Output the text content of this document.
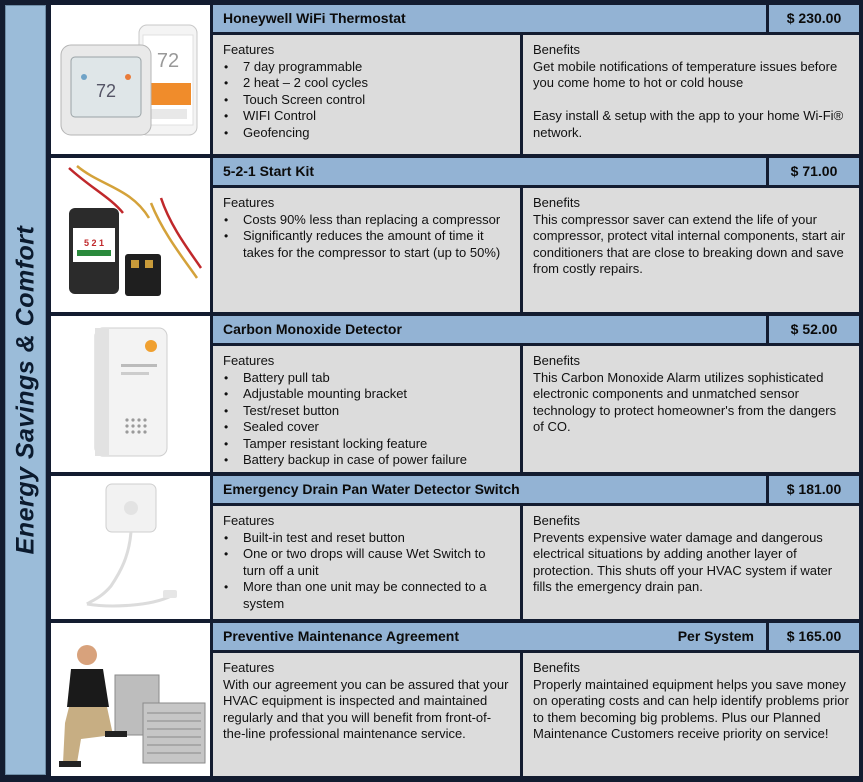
Energy Savings & Comfort
72
72
Honeywell WiFi Thermostat	$ 230.00
Features
• 7 day programmable
• 2 heat – 2 cool cycles
• Touch Screen control
• WIFI Control
• Geofencing
Benefits

Get mobile notifications of temperature issues before you come home to hot or cold house

Easy install & setup with the app to your home Wi-Fi® network.

5 2 1
5-2-1 Start Kit	$ 71.00
Features
• Costs 90% less than replacing a compressor
• Significantly reduces the amount of time it takes for the compressor to start (up to 50%)
Benefits

This compressor saver can extend the life of your compressor, protect vital internal components, start air conditioners that are close to breaking down and save from costly repairs.

Carbon Monoxide Detector	$ 52.00
Features
• Battery pull tab
• Adjustable mounting bracket
• Test/reset button
• Sealed cover
• Tamper resistant locking feature
• Battery backup in case of power failure
Benefits

This Carbon Monoxide Alarm utilizes sophisticated electronic components and unmatched sensor technology to protect homeowner's from the dangers of CO.

Emergency Drain Pan Water Detector Switch	$ 181.00
Features
• Built-in test and reset button
• One or two drops will cause Wet Switch to turn off a unit
• More than one unit may be connected to a system
Benefits

Prevents expensive water damage and dangerous electrical situations by adding another layer of protection. This shuts off your HVAC system if water fills the emergency drain pan.

Preventive Maintenance Agreement	Per System	$ 165.00
Features

With our agreement you can be assured that your HVAC equipment is inspected and maintained regularly and that you will benefit from front-of-the-line professional maintenance service.

Benefits

Properly maintained equipment helps you save money on operating costs and can help identify problems prior to them becoming big problems. Plus our Planned Maintenance Customers receive priority on service!
